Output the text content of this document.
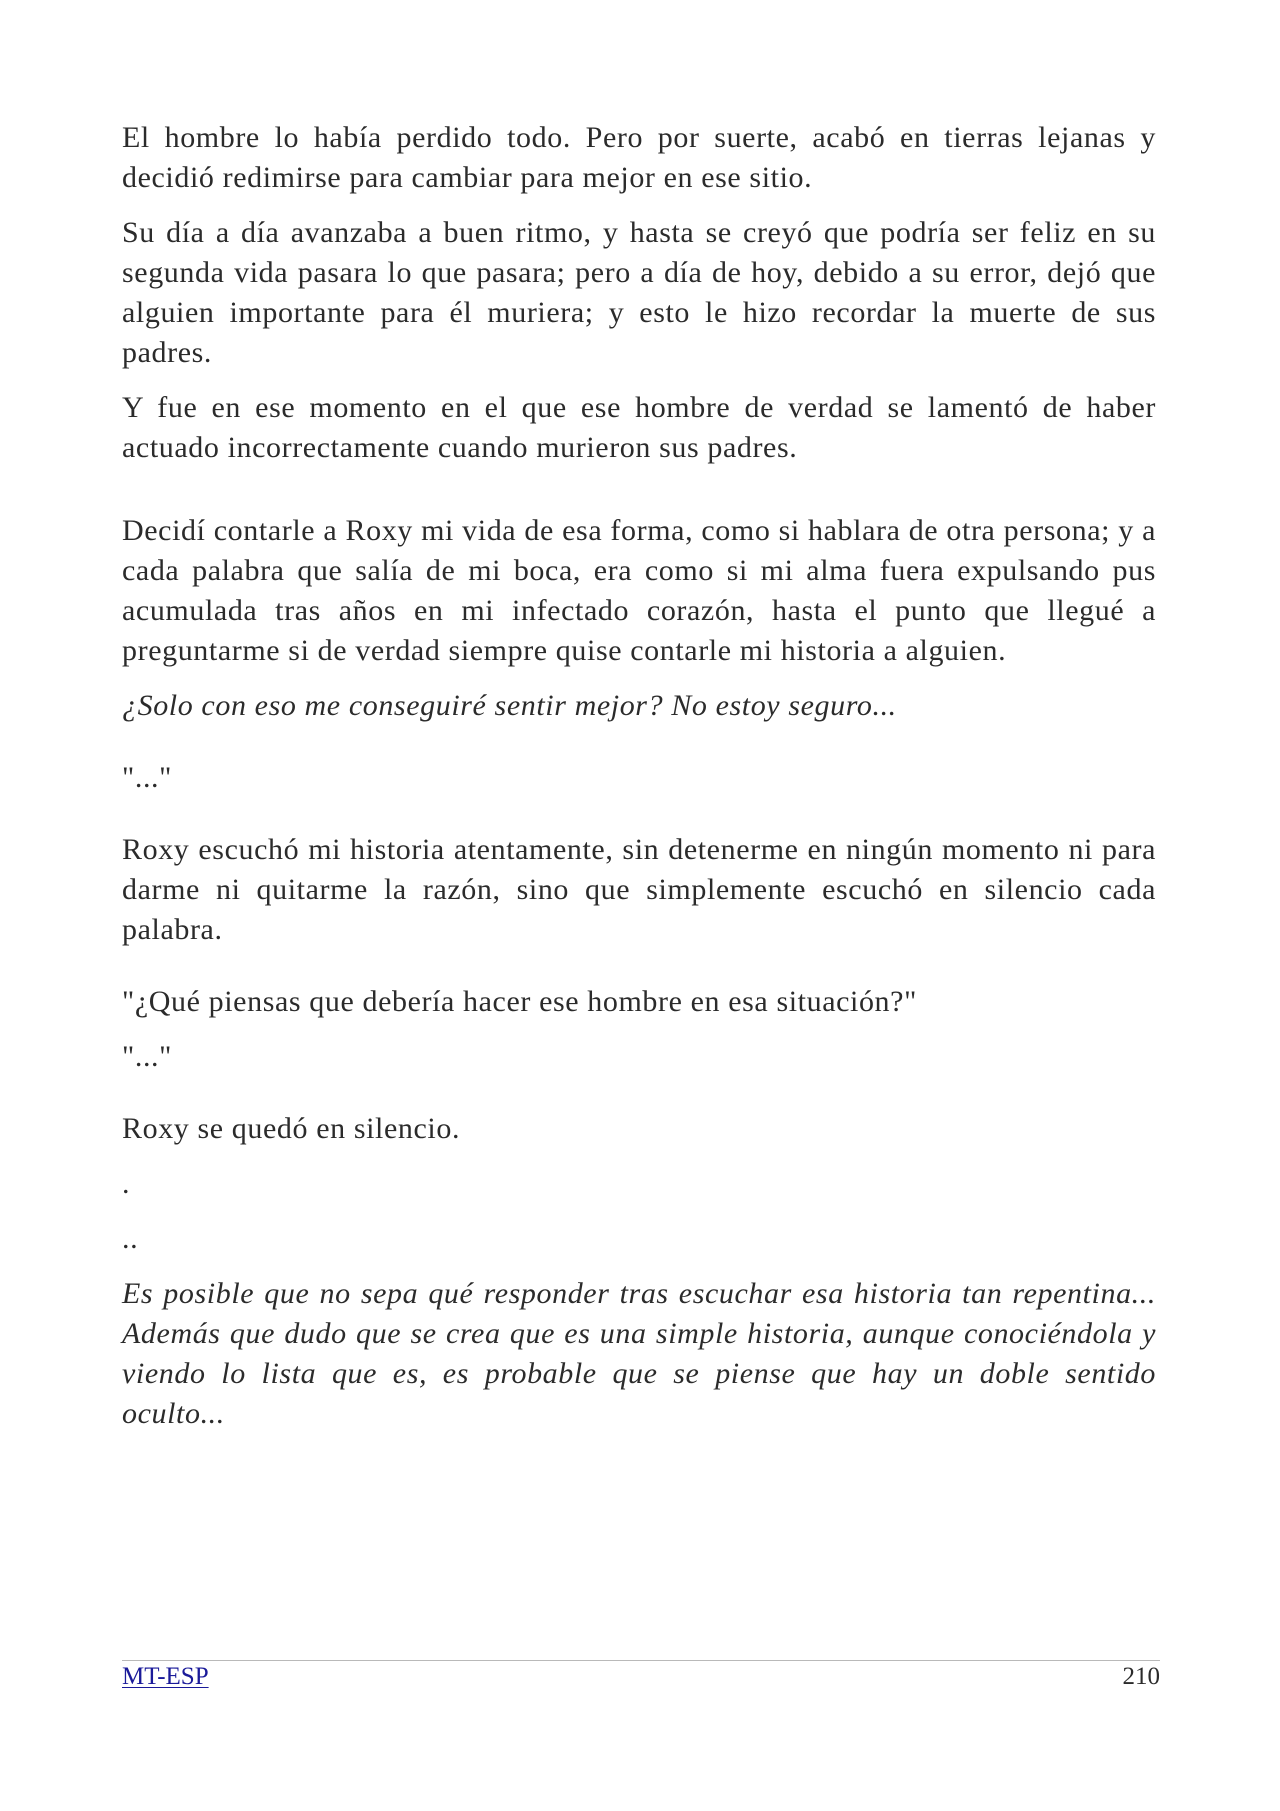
El hombre lo había perdido todo. Pero por suerte, acabó en tierras lejanas y decidió redimirse para cambiar para mejor en ese sitio.

Su día a día avanzaba a buen ritmo, y hasta se creyó que podría ser feliz en su segunda vida pasara lo que pasara; pero a día de hoy, debido a su error, dejó que alguien importante para él muriera; y esto le hizo recordar la muerte de sus padres.

Y fue en ese momento en el que ese hombre de verdad se lamentó de haber actuado incorrectamente cuando murieron sus padres.

Decidí contarle a Roxy mi vida de esa forma, como si hablara de otra persona; y a cada palabra que salía de mi boca, era como si mi alma fuera expulsando pus acumulada tras años en mi infectado corazón, hasta el punto que llegué a preguntarme si de verdad siempre quise contarle mi historia a alguien.

¿Solo con eso me conseguiré sentir mejor? No estoy seguro...

"..."

Roxy escuchó mi historia atentamente, sin detenerme en ningún momento ni para darme ni quitarme la razón, sino que simplemente escuchó en silencio cada palabra.

"¿Qué piensas que debería hacer ese hombre en esa situación?"

"..."

Roxy se quedó en silencio.

.

..

Es posible que no sepa qué responder tras escuchar esa historia tan repentina... Además que dudo que se crea que es una simple historia, aunque conociéndola y viendo lo lista que es, es probable que se piense que hay un doble sentido oculto...

MT-ESP	210
